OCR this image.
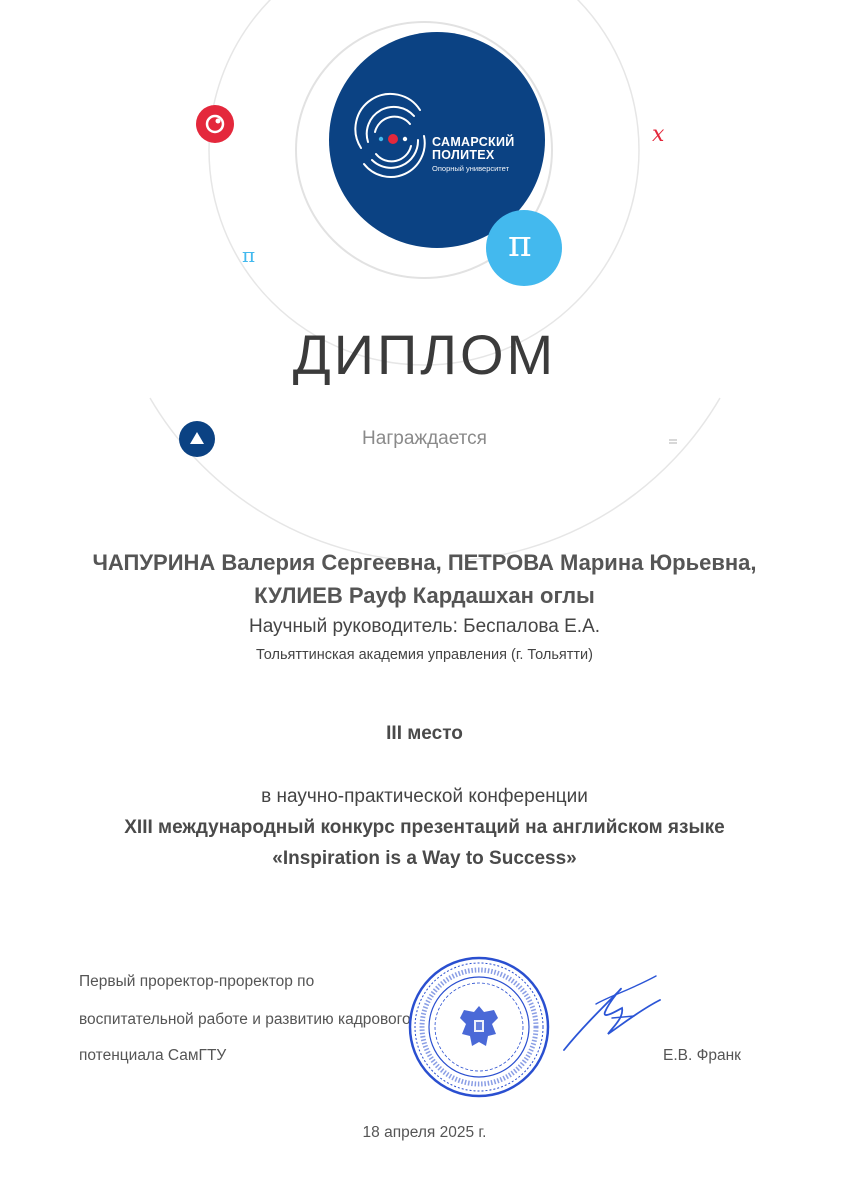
π
π
x
САМАРСКИЙ
ПОЛИТЕХ
Опорный университет
ДИПЛОМ
Награждается
ЧАПУРИНА Валерия Сергеевна, ПЕТРОВА Марина Юрьевна,
КУЛИЕВ Рауф Кардашхан оглы
Научный руководитель: Беспалова Е.А.
Тольяттинская академия управления (г. Тольятти)
III место
в научно-практической конференции
XIII международный конкурс презентаций на английском языке
«Inspiration is a Way to Success»
Первый проректор-проректор по
воспитательной работе и развитию кадрового
потенциала СамГТУ	Е.В. Франк
18 апреля 2025 г.
